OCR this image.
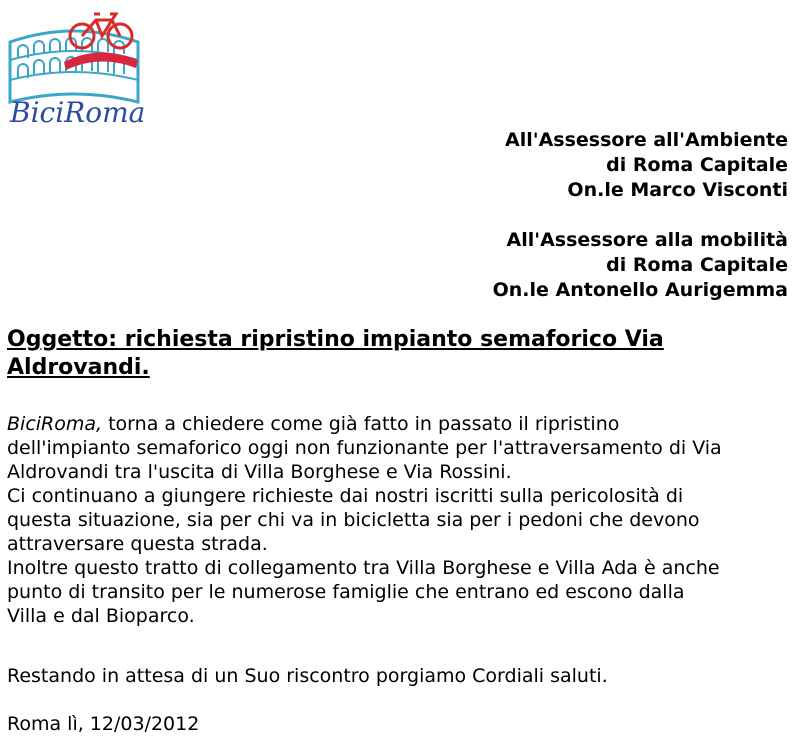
BiciRoma
All'Assessore all'Ambiente
di Roma Capitale
On.le Marco Visconti
All'Assessore alla mobilità
di Roma Capitale
On.le Antonello Aurigemma
Oggetto: richiesta ripristino impianto semaforico Via Aldrovandi.
BiciRoma, torna a chiedere come già fatto in passato il ripristino
dell'impianto semaforico oggi non funzionante per l'attraversamento di Via
Aldrovandi tra l'uscita di Villa Borghese e Via Rossini.
Ci continuano a giungere richieste dai nostri iscritti sulla pericolosità di
questa situazione, sia per chi va in bicicletta sia per i pedoni che devono
attraversare questa strada.
Inoltre questo tratto di collegamento tra Villa Borghese e Villa Ada è anche
punto di transito per le numerose famiglie che entrano ed escono dalla
Villa e dal Bioparco.
Restando in attesa di un Suo riscontro porgiamo Cordiali saluti.
Roma lì, 12/03/2012
